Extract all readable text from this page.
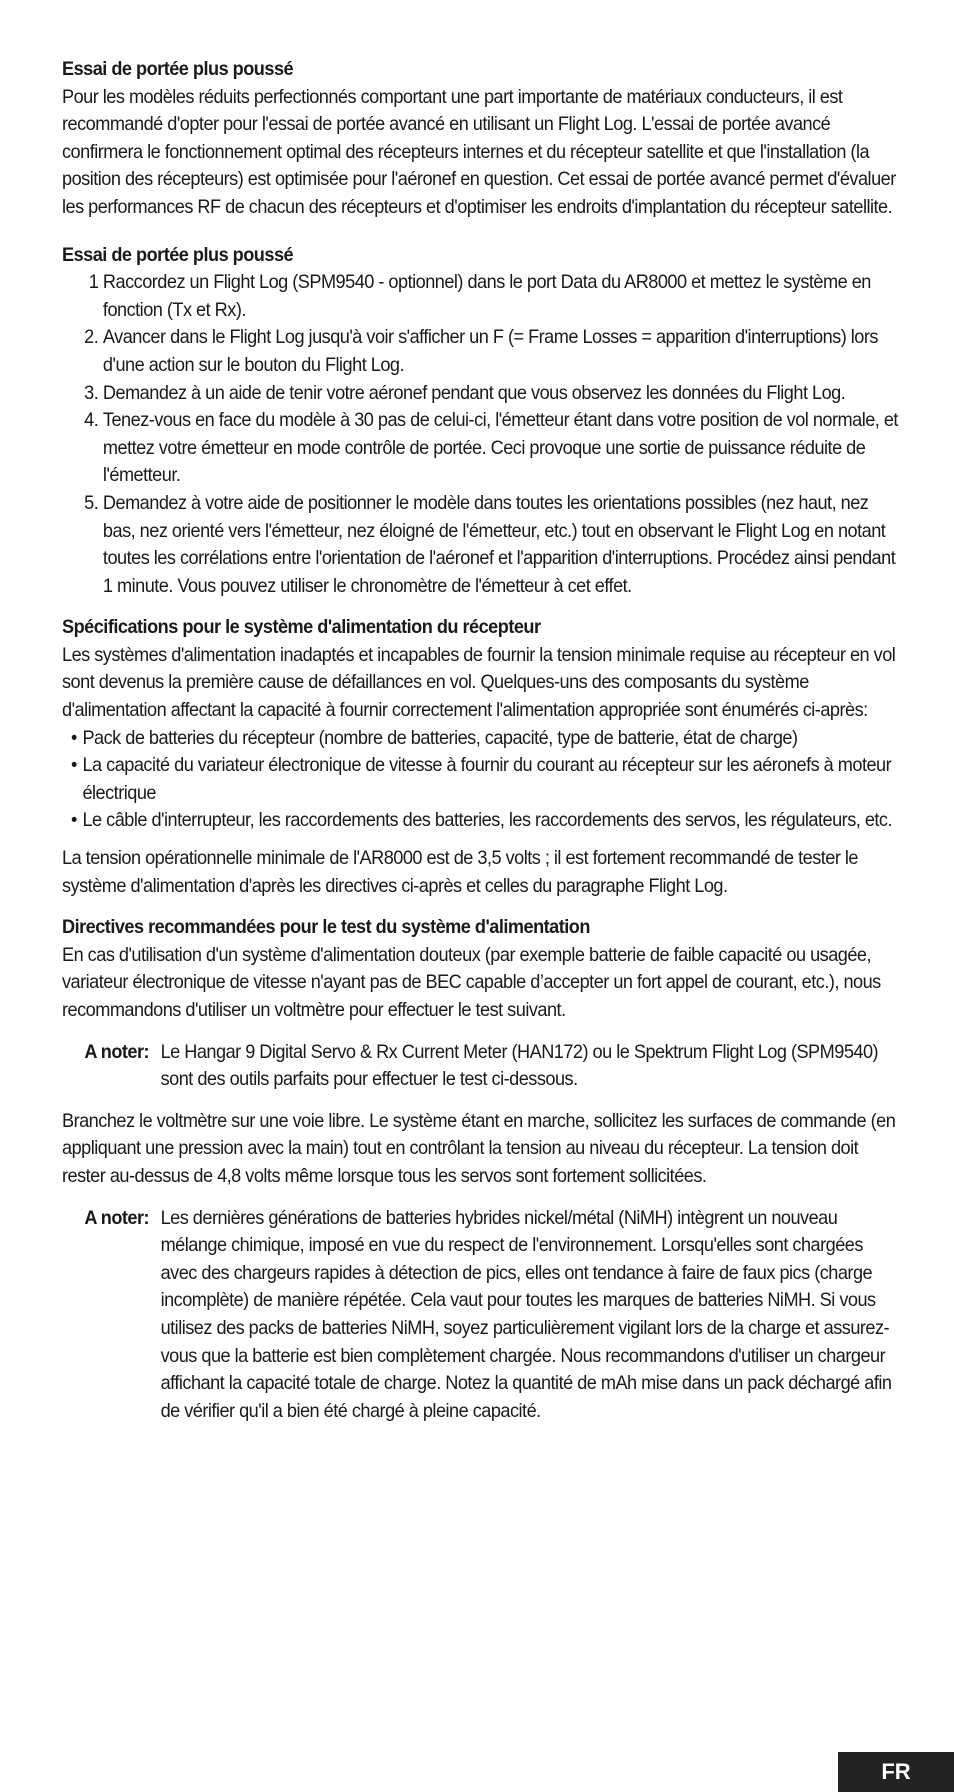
Essai de portée plus poussé

Pour les modèles réduits perfectionnés comportant une part importante de matériaux conducteurs, il est recommandé d'opter pour l'essai de portée avancé en utilisant un Flight Log. L'essai de portée avancé confirmera le fonctionnement optimal des récepteurs internes et du récepteur satellite et que l'installation (la position des récepteurs) est optimisée pour l'aéronef en question. Cet essai de portée avancé permet d'évaluer les performances RF de chacun des récepteurs et d'optimiser les endroits d'implantation du récepteur satellite.

Essai de portée plus poussé

1 Raccordez un Flight Log (SPM9540 - optionnel) dans le port Data du AR8000 et mettez le système en fonction (Tx et Rx).
2. Avancer dans le Flight Log jusqu'à voir s'afficher un F (= Frame Losses = apparition d'interruptions) lors d'une action sur le bouton du Flight Log.
3. Demandez à un aide de tenir votre aéronef pendant que vous observez les données du Flight Log.
4. Tenez-vous en face du modèle à 30 pas de celui-ci, l'émetteur étant dans votre position de vol normale, et mettez votre émetteur en mode contrôle de portée. Ceci provoque une sortie de puissance réduite de l'émetteur.
5. Demandez à votre aide de positionner le modèle dans toutes les orientations possibles (nez haut, nez bas, nez orienté vers l'émetteur, nez éloigné de l'émetteur, etc.) tout en observant le Flight Log en notant toutes les corrélations entre l'orientation de l'aéronef et l'apparition d'interruptions. Procédez ainsi pendant 1 minute. Vous pouvez utiliser le chronomètre de l'émetteur à cet effet.

Spécifications pour le système d'alimentation du récepteur

Les systèmes d'alimentation inadaptés et incapables de fournir la tension minimale requise au récepteur en vol sont devenus la première cause de défaillances en vol. Quelques-uns des composants du système d'alimentation affectant la capacité à fournir correctement l'alimentation appropriée sont énumérés ci-après:

• Pack de batteries du récepteur (nombre de batteries, capacité, type de batterie, état de charge)
• La capacité du variateur électronique de vitesse à fournir du courant au récepteur sur les aéronefs à moteur électrique
• Le câble d'interrupteur, les raccordements des batteries, les raccordements des servos, les régulateurs, etc.

La tension opérationnelle minimale de l'AR8000 est de 3,5 volts ; il est fortement recommandé de tester le système d'alimentation d'après les directives ci-après et celles du paragraphe Flight Log.

Directives recommandées pour le test du système d'alimentation

En cas d'utilisation d'un système d'alimentation douteux (par exemple batterie de faible capacité ou usagée, variateur électronique de vitesse n'ayant pas de BEC capable d’accepter un fort appel de courant, etc.), nous recommandons d'utiliser un voltmètre pour effectuer le test suivant.

A noter: Le Hangar 9 Digital Servo & Rx Current Meter (HAN172) ou le Spektrum Flight Log (SPM9540) sont des outils parfaits pour effectuer le test ci-dessous.

Branchez le voltmètre sur une voie libre. Le système étant en marche, sollicitez les surfaces de commande (en appliquant une pression avec la main) tout en contrôlant la tension au niveau du récepteur. La tension doit rester au-dessus de 4,8 volts même lorsque tous les servos sont fortement sollicitées.

A noter: Les dernières générations de batteries hybrides nickel/métal (NiMH) intègrent un nouveau mélange chimique, imposé en vue du respect de l'environnement. Lorsqu'elles sont chargées avec des chargeurs rapides à détection de pics, elles ont tendance à faire de faux pics (charge incomplète) de manière répétée. Cela vaut pour toutes les marques de batteries NiMH. Si vous utilisez des packs de batteries NiMH, soyez particulièrement vigilant lors de la charge et assurez-vous que la batterie est bien complètement chargée. Nous recommandons d'utiliser un chargeur affichant la capacité totale de charge. Notez la quantité de mAh mise dans un pack déchargé afin de vérifier qu'il a bien été chargé à pleine capacité.
FR
